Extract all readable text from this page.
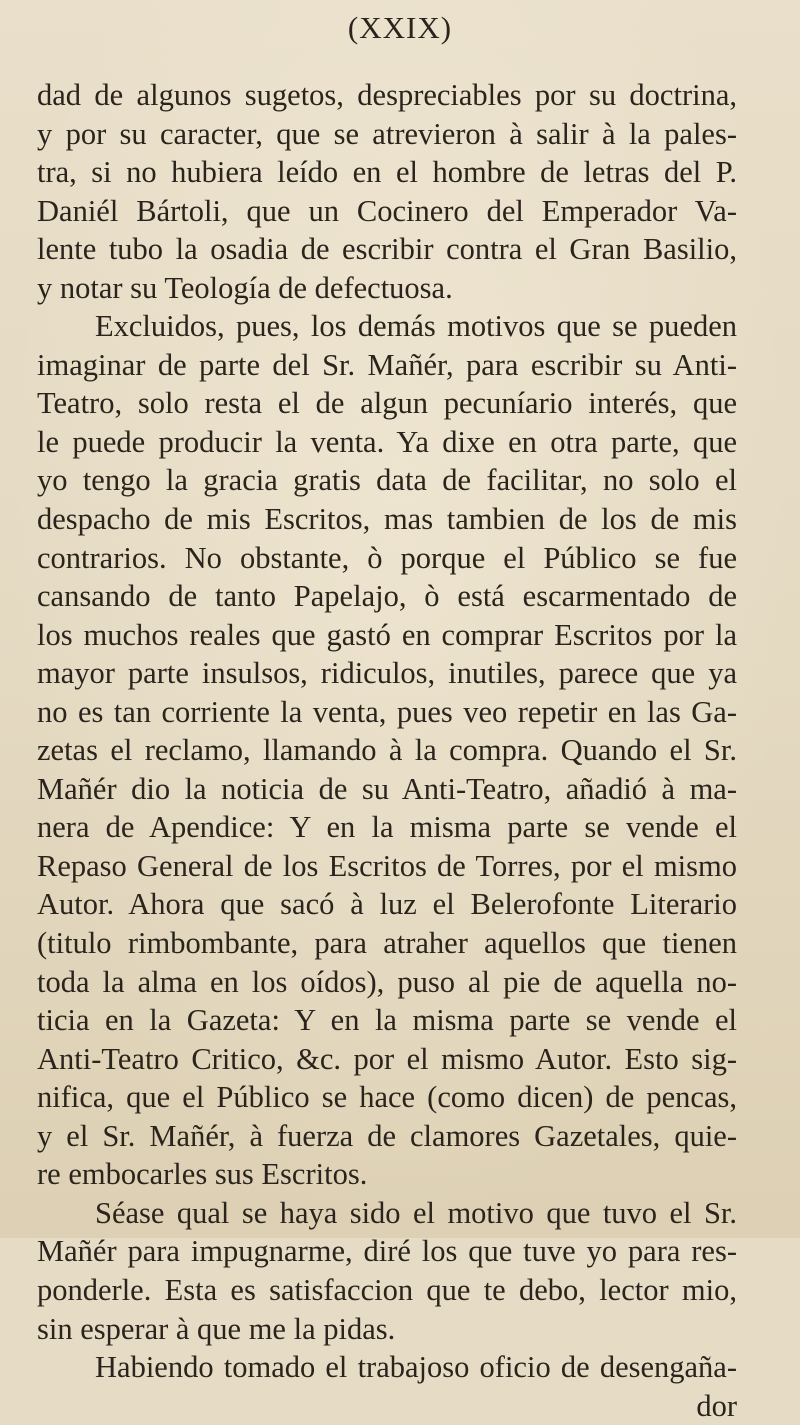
(XXIX)
dad de algunos sugetos, despreciables por su doctrina,
y por su caracter, que se atrevieron à salir à la pales-
tra, si no hubiera leído en el hombre de letras del P.
Daniél Bártoli, que un Cocinero del Emperador Va-
lente tubo la osadia de escribir contra el Gran Basilio,
y notar su Teología de defectuosa.
Excluidos, pues, los demás motivos que se pueden
imaginar de parte del Sr. Mañér, para escribir su Anti-
Teatro, solo resta el de algun pecuníario interés, que
le puede producir la venta. Ya dixe en otra parte, que
yo tengo la gracia gratis data de facilitar, no solo el
despacho de mis Escritos, mas tambien de los de mis
contrarios. No obstante, ò porque el Público se fue
cansando de tanto Papelajo, ò está escarmentado de
los muchos reales que gastó en comprar Escritos por la
mayor parte insulsos, ridiculos, inutiles, parece que ya
no es tan corriente la venta, pues veo repetir en las Ga-
zetas el reclamo, llamando à la compra. Quando el Sr.
Mañér dio la noticia de su Anti-Teatro, añadió à ma-
nera de Apendice: Y en la misma parte se vende el
Repaso General de los Escritos de Torres, por el mismo
Autor. Ahora que sacó à luz el Belerofonte Literario
(titulo rimbombante, para atraher aquellos que tienen
toda la alma en los oídos), puso al pie de aquella no-
ticia en la Gazeta: Y en la misma parte se vende el
Anti-Teatro Critico, &c. por el mismo Autor. Esto sig-
nifica, que el Público se hace (como dicen) de pencas,
y el Sr. Mañér, à fuerza de clamores Gazetales, quie-
re embocarles sus Escritos.
Séase qual se haya sido el motivo que tuvo el Sr.
Mañér para impugnarme, diré los que tuve yo para res-
ponderle. Esta es satisfaccion que te debo, lector mio,
sin esperar à que me la pidas.
Habiendo tomado el trabajoso oficio de desengaña-
dor
